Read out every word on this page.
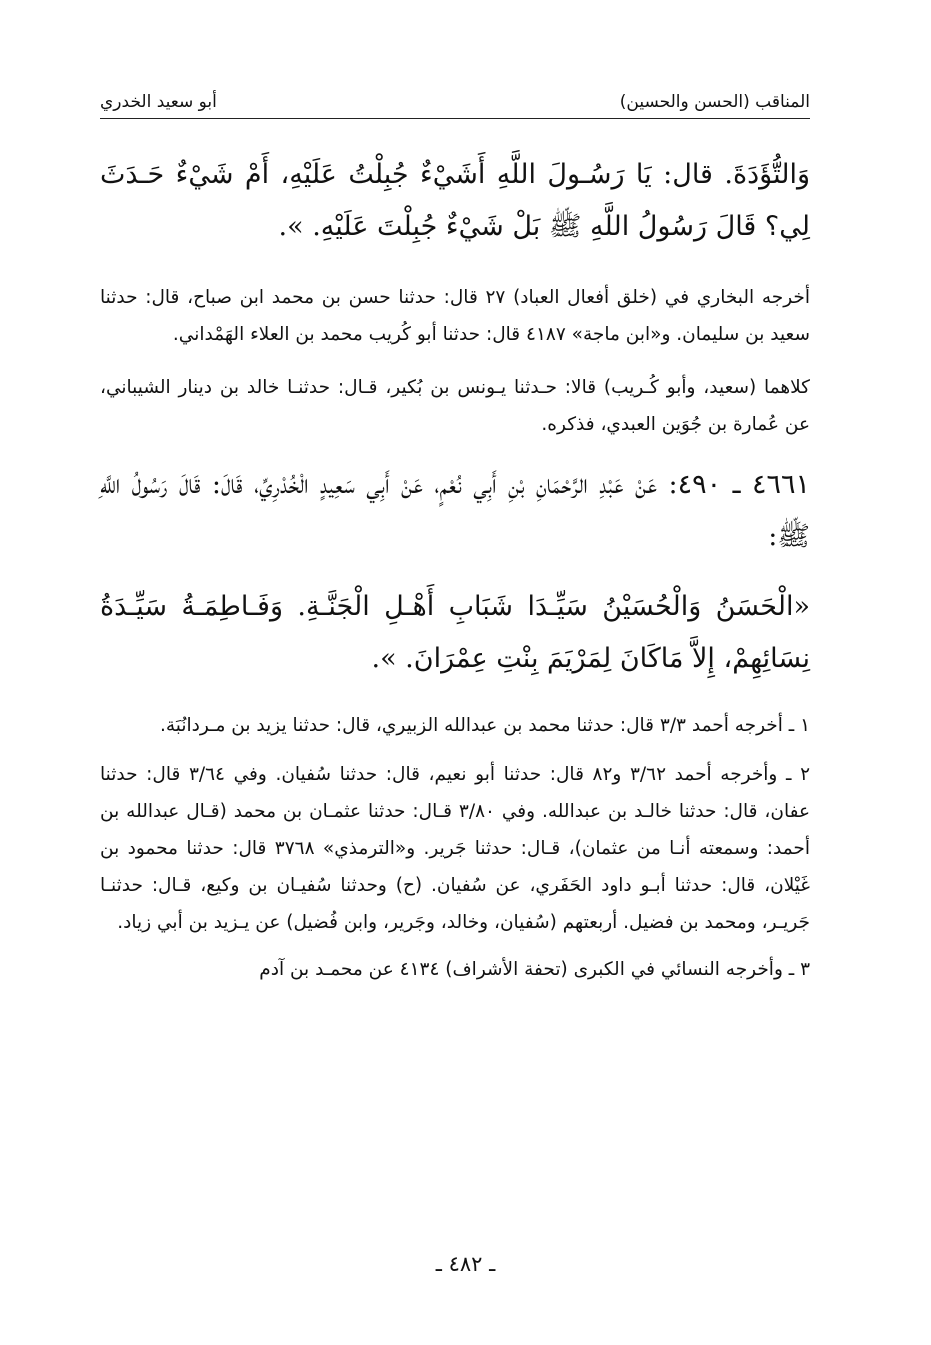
المناقب (الحسن والحسين)
أبو سعيد الخدري

وَالتُّؤَدَةَ. قال: يَا رَسُـولَ اللَّهِ أَشَيْءٌ جُبِلْتُ عَلَيْهِ، أَمْ شَيْءٌ حَـدَثَ لِي؟ قَالَ رَسُولُ اللَّهِ ﷺ بَلْ شَيْءٌ جُبِلْتَ عَلَيْهِ. ».

أخرجه البخاري في (خلق أفعال العباد) ٢٧ قال: حدثنا حسن بن محمد ابن صباح، قال: حدثنا سعيد بن سليمان. و«ابن ماجة» ٤١٨٧ قال: حدثنا أبو كُريب محمد بن العلاء الهَمْداني.

كلاهما (سعيد، وأبو كُـريب) قالا: حـدثنا يـونس بن بُكير، قـال: حدثنـا خالد بن دينار الشيباني، عن عُمارة بن جُوَين العبدي، فذكره.

٤٦٦١ ـ ٤٩٠: عَنْ عَبْدِ الرَّحْمَانِ بْنِ أَبِي نُعْمٍ، عَنْ أَبِي سَعِيدٍ الْخُدْرِيِّ، قَالَ: قَالَ رَسُولُ اللَّهِ ﷺ:

«الْحَسَنُ وَالْحُسَيْنُ سَيِّـدَا شَبَابِ أَهْـلِ الْجَنَّـةِ. وَفَـاطِمَـةُ سَيِّـدَةُ نِسَائِهِمْ، إِلاَّ مَاكَانَ لِمَرْيَمَ بِنْتِ عِمْرَانَ. ».

١ ـ أخرجه أحمد ٣/٣ قال: حدثنا محمد بن عبدالله الزبيري، قال: حدثنا يزيد بن مـردانُبَة.

٢ ـ وأخرجه أحمد ٣/٦٢ و٨٢ قال: حدثنا أبو نعيم، قال: حدثنا سُفيان. وفي ٣/٦٤ قال: حدثنا عفان، قال: حدثنا خالـد بن عبدالله. وفي ٣/٨٠ قـال: حدثنا عثمـان بن محمد (قـال عبدالله بن أحمد: وسمعته أنـا من عثمان)، قـال: حدثنا جَرير. و«الترمذي» ٣٧٦٨ قال: حدثنا محمود بن غَيْلان، قال: حدثنا أبـو داود الحَفَري، عن سُفيان. (ح) وحدثنا سُفيـان بن وكيع، قـال: حدثنـا جَريـر، ومحمد بن فضيل. أربعتهم (سُفيان، وخالد، وجَرير، وابن فُضيل) عن يـزيد بن أبي زياد.

٣ ـ وأخرجه النسائي في الكبرى (تحفة الأشراف) ٤١٣٤ عن محمـد بن آدم

ـ ٤٨٢ ـ
